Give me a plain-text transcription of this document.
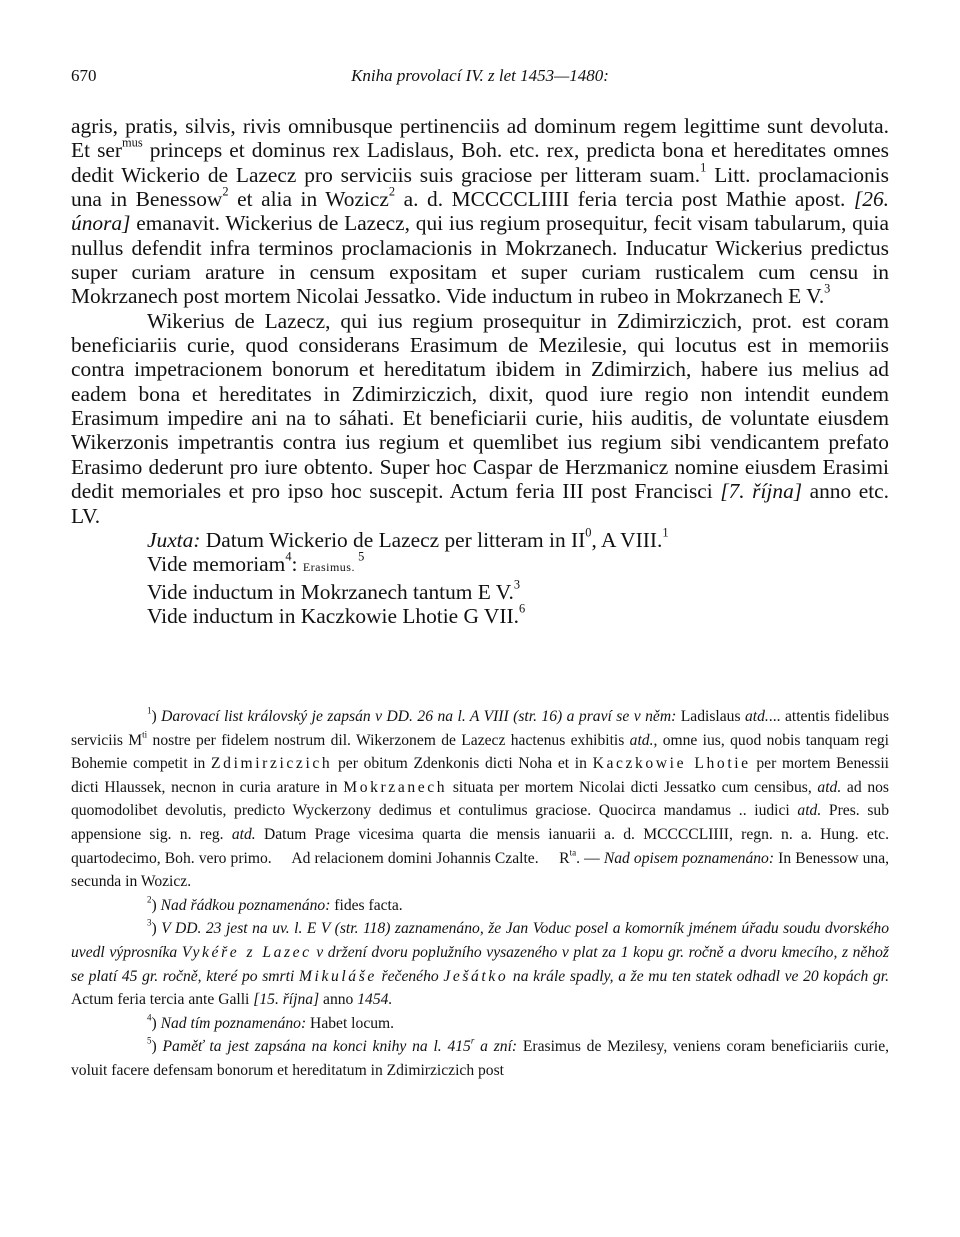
670	Kniha provolací IV. z let 1453—1480:

agris, pratis, silvis, rivis omnibusque pertinenciis ad dominum regem legittime sunt devoluta. Et ser$^{mus}$ princeps et dominus rex Ladislaus, Boh. etc. rex, predicta bona et hereditates omnes dedit Wickerio de Lazecz pro serviciis suis graciose per litteram suam.$^1$ Litt. proclamacionis una in Benessow$^2$ et alia in Wozicz$^2$ a. d. MCCCCLIIII feria tercia post Mathie apost. [26. února] emanavit. Wickerius de Lazecz, qui ius regium prosequitur, fecit visam tabularum, quia nullus defendit infra terminos proclamacionis in Mokrzanech. Inducatur Wickerius predictus super curiam arature in censum expositam et super curiam rusticalem cum censu in Mokrzanech post mortem Nicolai Jessatko. Vide inductum in rubeo in Mokrzanech E V.$^3$

Wikerius de Lazecz, qui ius regium prosequitur in Zdimirziczich, prot. est coram beneficiariis curie, quod considerans Erasimum de Mezilesie, qui locutus est in memoriis contra impetracionem bonorum et hereditatum ibidem in Zdimirzich, habere ius melius ad eadem bona et hereditates in Zdimirziczich, dixit, quod iure regio non intendit eundem Erasimum impedire ani na to sáhati. Et beneficiarii curie, hiis auditis, de voluntate eiusdem Wikerzonis impetrantis contra ius regium et quemlibet ius regium sibi vendicantem prefato Erasimo dederunt pro iure obtento. Super hoc Caspar de Herzmanicz nomine eiusdem Erasimi dedit memoriales et pro ipso hoc suscepit. Actum feria III post Francisci [7. října] anno etc. LV.

Juxta: Datum Wickerio de Lazecz per litteram in $II^0$, A VIII.$^1$

Vide memoriam$^4$: Erasimus. $^5$

Vide inductum in Mokrzanech tantum E V.$^3$

Vide inductum in Kaczkowie Lhotie G VII.$^6$

$^1$) Darovací list královský je zapsán v DD. 26 na l. A VIII (str. 16) a praví se v něm: Ladislaus atd.... attentis fidelibus serviciis $M^{ti}$ nostre per fidelem nostrum dil. Wikerzonem de Lazecz hactenus exhibitis atd., omne ius, quod nobis tanquam regi Bohemie competit in Zdimirziczich per obitum Zdenkonis dicti Noha et in Kaczkowie Lhotie per mortem Benessii dicti Hlaussek, necnon in curia arature in Mokrzanech situata per mortem Nicolai dicti Jessatko cum censibus, atd. ad nos quomodolibet devolutis, predicto Wyckerzony dedimus et contulimus graciose. Quocirca mandamus .. iudici atd. Pres. sub appensione sig. n. reg. atd. Datum Prage vicesima quarta die mensis ianuarii a. d. MCCCCLIIII, regn. n. a. Hung. etc. quartodecimo, Boh. vero primo.     Ad relacionem domini Johannis Czalte.     $R^{ta}$. — Nad opisem poznamenáno: In Benessow una, secunda in Wozicz.

$^2$) Nad řádkou poznamenáno: fides facta.

$^3$) V DD. 23 jest na uv. l. E V (str. 118) zaznamenáno, že Jan Voduc posel a komorník jménem úřadu soudu dvorského uvedl výprosníka Vykéře z Lazec v držení dvoru poplužního vysazeného v plat za 1 kopu gr. ročně a dvoru kmecího, z něhož se platí 45 gr. ročně, které po smrti Mikuláše řečeného Ješátko na krále spadly, a že mu ten statek odhadl ve 20 kopách gr. Actum feria tercia ante Galli [15. října] anno 1454.

$^4$) Nad tím poznamenáno: Habet locum.

$^5$) Paměť ta jest zapsána na konci knihy na l. 415$^r$ a zní: Erasimus de Mezilesy, veniens coram beneficiariis curie, voluit facere defensam bonorum et hereditatum in Zdimirziczich post
